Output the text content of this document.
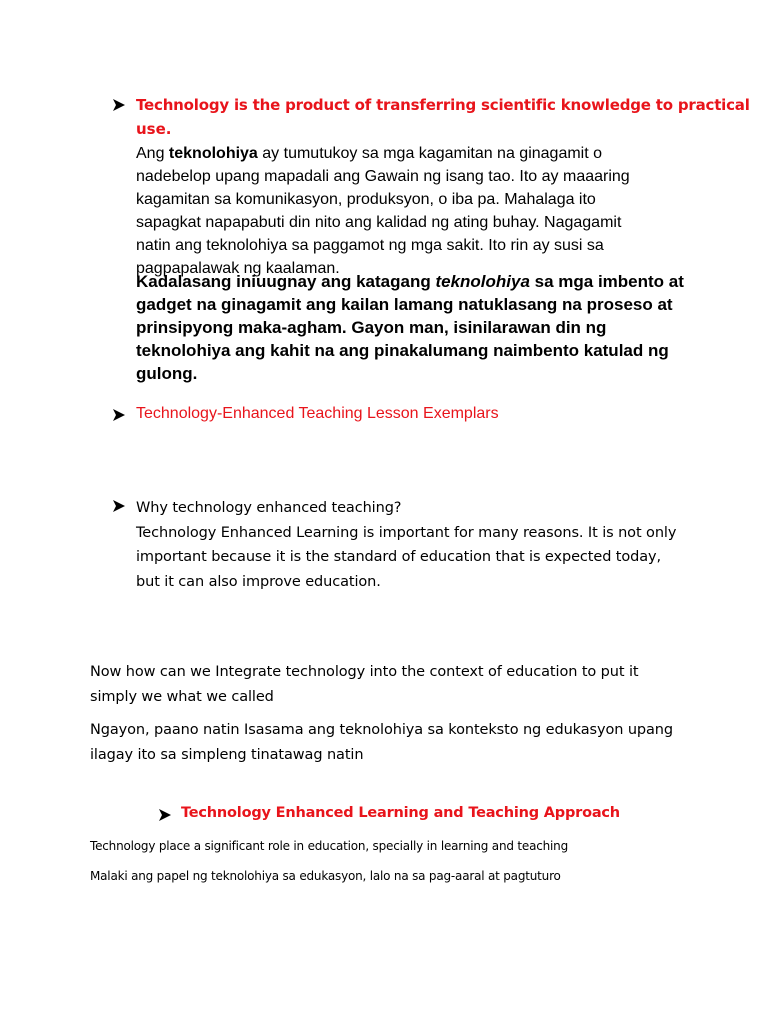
Technology is the product of transferring scientific knowledge to practical

use.

Ang teknolohiya ay tumutukoy sa mga kagamitan na ginagamit o
nadebelop upang mapadali ang Gawain ng isang tao. Ito ay maaaring
kagamitan sa komunikasyon, produksyon, o iba pa. Mahalaga ito
sapagkat napapabuti din nito ang kalidad ng ating buhay. Nagagamit
natin ang teknolohiya sa paggamot ng mga sakit. Ito rin ay susi sa
pagpapalawak ng kaalaman.
Kadalasang iniuugnay ang katagang teknolohiya sa mga imbento at
gadget na ginagamit ang kailan lamang natuklasang na proseso at
prinsipyong maka-agham. Gayon man, isinilarawan din ng
teknolohiya ang kahit na ang pinakalumang naimbento katulad ng
gulong.

Technology-Enhanced Teaching Lesson Exemplars

Why technology enhanced teaching?
Technology Enhanced Learning is important for many reasons. It is not only
important because it is the standard of education that is expected today,
but it can also improve education.
Now how can we Integrate technology into the context of education to put it
simply we what we called
Ngayon, paano natin Isasama ang teknolohiya sa konteksto ng edukasyon upang
ilagay ito sa simpleng tinatawag natin

Technology Enhanced Learning and Teaching Approach

Technology place a significant role in education, specially in learning and teaching

Malaki ang papel ng teknolohiya sa edukasyon, lalo na sa pag-aaral at pagtuturo
